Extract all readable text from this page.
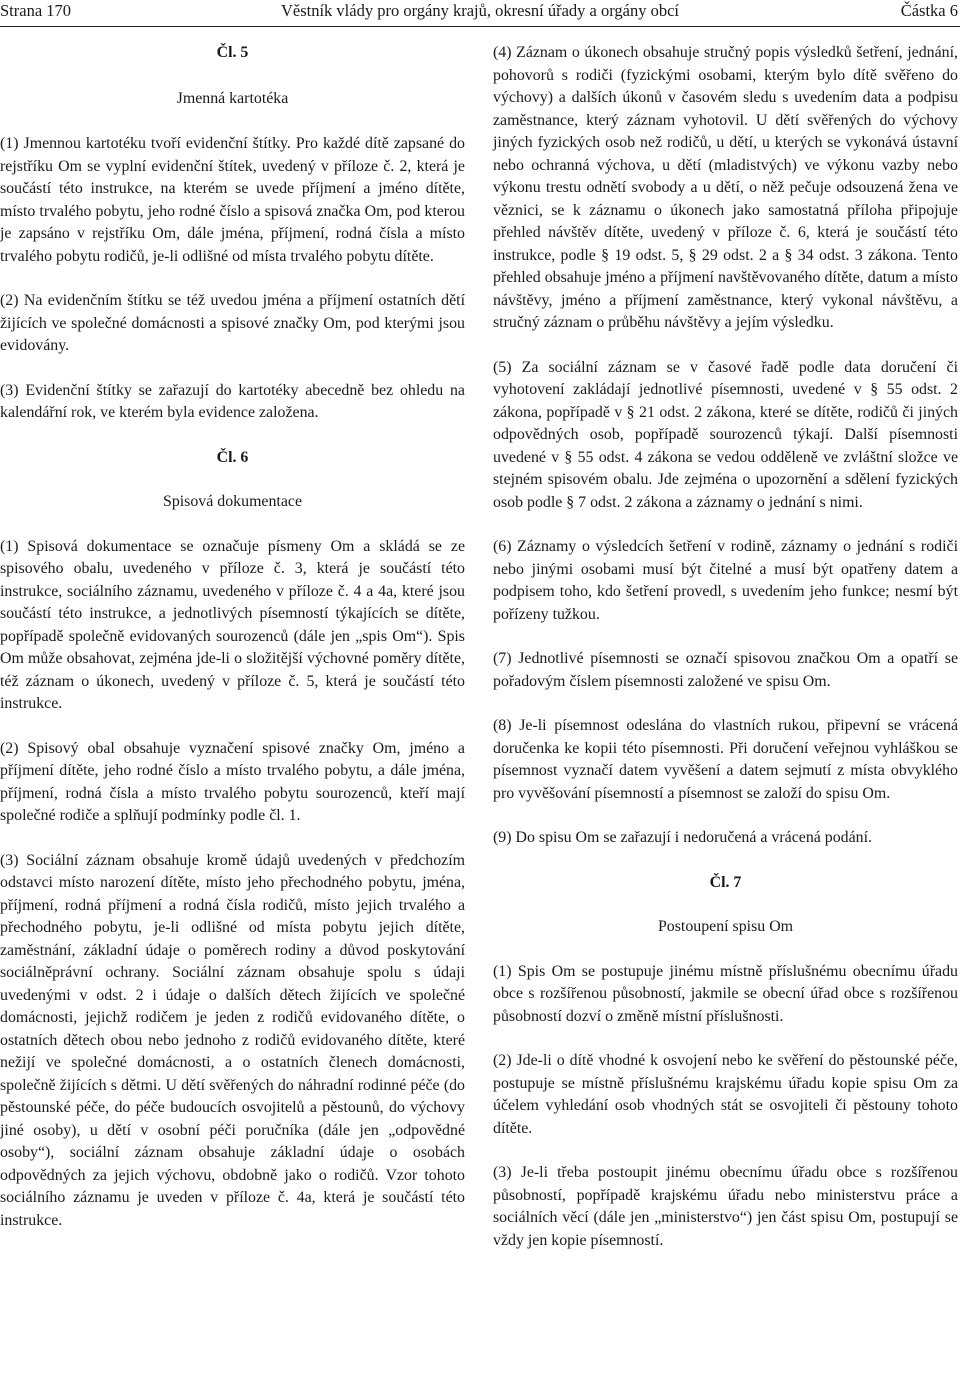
Strana 170	Věstník vlády pro orgány krajů, okresní úřady a orgány obcí	Částka 6
Čl. 5
Jmenná kartotéka

(1) Jmennou kartotéku tvoří evidenční štítky. Pro každé dítě zapsané do rejstříku Om se vyplní evidenční štítek, uvedený v příloze č. 2, která je součástí této instrukce, na kterém se uvede příjmení a jméno dítěte, místo trvalého pobytu, jeho rodné číslo a spisová značka Om, pod kterou je zapsáno v rejstříku Om, dále jména, příjmení, rodná čísla a místo trvalého pobytu rodičů, je-li odlišné od místa trvalého pobytu dítěte.

(2) Na evidenčním štítku se též uvedou jména a příjmení ostatních dětí žijících ve společné domácnosti a spisové značky Om, pod kterými jsou evidovány.

(3) Evidenční štítky se zařazují do kartotéky abecedně bez ohledu na kalendářní rok, ve kterém byla evidence založena.

Čl. 6
Spisová dokumentace

(1) Spisová dokumentace se označuje písmeny Om a skládá se ze spisového obalu, uvedeného v příloze č. 3, která je součástí této instrukce, sociálního záznamu, uvedeného v příloze č. 4 a 4a, které jsou součástí této instrukce, a jednotlivých písemností týkajících se dítěte, popřípadě společně evidovaných sourozenců (dále jen „spis Om“). Spis Om může obsahovat, zejména jde-li o složitější výchovné poměry dítěte, též záznam o úkonech, uvedený v příloze č. 5, která je součástí této instrukce.

(2) Spisový obal obsahuje vyznačení spisové značky Om, jméno a příjmení dítěte, jeho rodné číslo a místo trvalého pobytu, a dále jména, příjmení, rodná čísla a místo trvalého pobytu sourozenců, kteří mají společné rodiče a splňují podmínky podle čl. 1.

(3) Sociální záznam obsahuje kromě údajů uvedených v předchozím odstavci místo narození dítěte, místo jeho přechodného pobytu, jména, příjmení, rodná příjmení a rodná čísla rodičů, místo jejich trvalého a přechodného pobytu, je-li odlišné od místa pobytu jejich dítěte, zaměstnání, základní údaje o poměrech rodiny a důvod poskytování sociálněprávní ochrany. Sociální záznam obsahuje spolu s údaji uvedenými v odst. 2 i údaje o dalších dětech žijících ve společné domácnosti, jejichž rodičem je jeden z rodičů evidovaného dítěte, o ostatních dětech obou nebo jednoho z rodičů evidovaného dítěte, které nežijí ve společné domácnosti, a o ostatních členech domácnosti, společně žijících s dětmi. U dětí svěřených do náhradní rodinné péče (do pěstounské péče, do péče budoucích osvojitelů a pěstounů, do výchovy jiné osoby), u dětí v osobní péči poručníka (dále jen „odpovědné osoby“), sociální záznam obsahuje základní údaje o osobách odpovědných za jejich výchovu, obdobně jako o rodičů. Vzor tohoto sociálního záznamu je uveden v příloze č. 4a, která je součástí této instrukce.

(4) Záznam o úkonech obsahuje stručný popis výsledků šetření, jednání, pohovorů s rodiči (fyzickými osobami, kterým bylo dítě svěřeno do výchovy) a dalších úkonů v časovém sledu s uvedením data a podpisu zaměstnance, který záznam vyhotovil. U dětí svěřených do výchovy jiných fyzických osob než rodičů, u dětí, u kterých se vykonává ústavní nebo ochranná výchova, u dětí (mladistvých) ve výkonu vazby nebo výkonu trestu odnětí svobody a u dětí, o něž pečuje odsouzená žena ve věznici, se k záznamu o úkonech jako samostatná příloha připojuje přehled návštěv dítěte, uvedený v příloze č. 6, která je součástí této instrukce, podle § 19 odst. 5, § 29 odst. 2 a § 34 odst. 3 zákona. Tento přehled obsahuje jméno a příjmení navštěvovaného dítěte, datum a místo návštěvy, jméno a příjmení zaměstnance, který vykonal návštěvu, a stručný záznam o průběhu návštěvy a jejím výsledku.

(5) Za sociální záznam se v časové řadě podle data doručení či vyhotovení zakládají jednotlivé písemnosti, uvedené v § 55 odst. 2 zákona, popřípadě v § 21 odst. 2 zákona, které se dítěte, rodičů či jiných odpovědných osob, popřípadě sourozenců týkají. Další písemnosti uvedené v § 55 odst. 4 zákona se vedou odděleně ve zvláštní složce ve stejném spisovém obalu. Jde zejména o upozornění a sdělení fyzických osob podle § 7 odst. 2 zákona a záznamy o jednání s nimi.

(6) Záznamy o výsledcích šetření v rodině, záznamy o jednání s rodiči nebo jinými osobami musí být čitelné a musí být opatřeny datem a podpisem toho, kdo šetření provedl, s uvedením jeho funkce; nesmí být pořízeny tužkou.

(7) Jednotlivé písemnosti se označí spisovou značkou Om a opatří se pořadovým číslem písemnosti založené ve spisu Om.

(8) Je-li písemnost odeslána do vlastních rukou, připevní se vrácená doručenka ke kopii této písemnosti. Při doručení veřejnou vyhláškou se písemnost vyznačí datem vyvěšení a datem sejmutí z místa obvyklého pro vyvěšování písemností a písemnost se založí do spisu Om.

(9) Do spisu Om se zařazují i nedoručená a vrácená podání.

Čl. 7
Postoupení spisu Om

(1) Spis Om se postupuje jinému místně příslušnému obecnímu úřadu obce s rozšířenou působností, jakmile se obecní úřad obce s rozšířenou působností dozví o změně místní příslušnosti.

(2) Jde-li o dítě vhodné k osvojení nebo ke svěření do pěstounské péče, postupuje se místně příslušnému krajskému úřadu kopie spisu Om za účelem vyhledání osob vhodných stát se osvojiteli či pěstouny tohoto dítěte.

(3) Je-li třeba postoupit jinému obecnímu úřadu obce s rozšířenou působností, popřípadě krajskému úřadu nebo ministerstvu práce a sociálních věcí (dále jen „ministerstvo“) jen část spisu Om, postupují se vždy jen kopie písemností.
